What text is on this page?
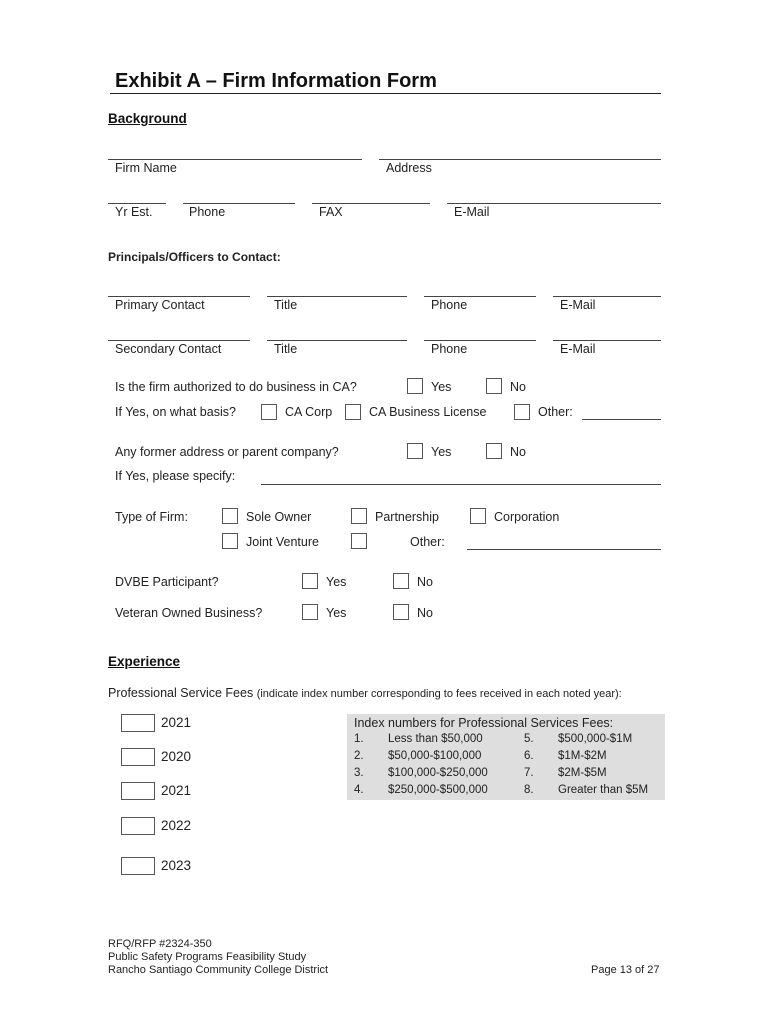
Exhibit A – Firm Information Form
Background
Firm Name	Address
Yr Est.	Phone	FAX	E-Mail
Principals/Officers to Contact:
Primary Contact	Title	Phone	E-Mail
Secondary Contact	Title	Phone	E-Mail
Is the firm authorized to do business in CA?	Yes	No
If Yes, on what basis?	CA Corp	CA Business License	Other:
Any former address or parent company?	Yes	No
If Yes, please specify:
Type of Firm:	Sole Owner	Partnership	Corporation
Joint Venture	Other:
DVBE Participant?	Yes	No
Veteran Owned Business?	Yes	No
Experience
Professional Service Fees (indicate index number corresponding to fees received in each noted year):
2021
2020
2021
2022
2023
Index numbers for Professional Services Fees:
1. Less than $50,000
2. $50,000-$100,000
3. $100,000-$250,000
4. $250,000-$500,000
5. $500,000-$1M
6. $1M-$2M
7. $2M-$5M
8. Greater than $5M
RFQ/RFP #2324-350
Public Safety Programs Feasibility Study
Rancho Santiago Community College District	Page 13 of 27
